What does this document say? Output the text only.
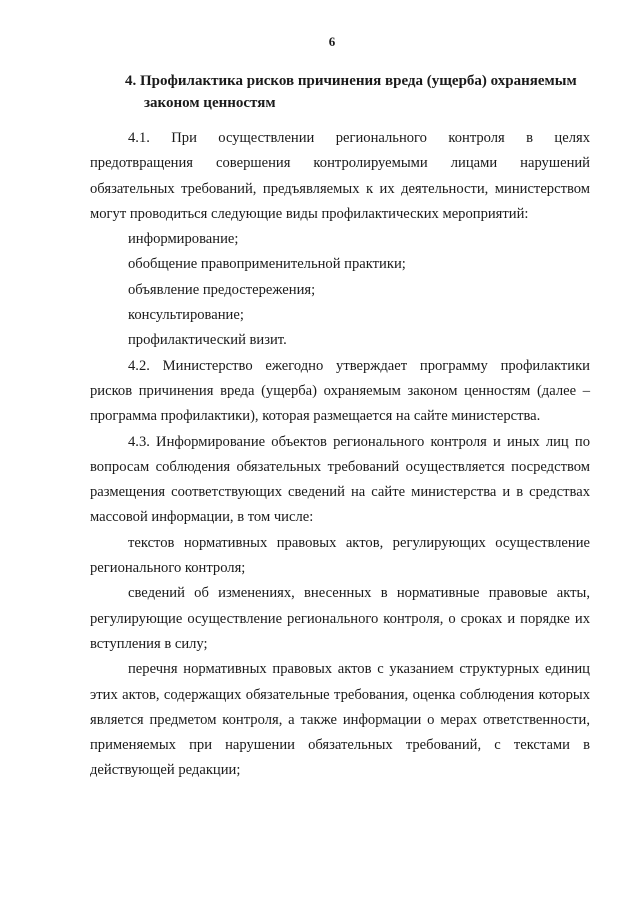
6
4. Профилактика рисков причинения вреда (ущерба) охраняемым
законом ценностям

4.1.  При  осуществлении  регионального  контроля  в  целях предотвращения совершения контролируемыми лицами нарушений обязательных требований, предъявляемых к их деятельности, министерством могут проводиться следующие виды профилактических мероприятий:

информирование;

обобщение правоприменительной практики;

объявление предостережения;

консультирование;

профилактический визит.

4.2. Министерство ежегодно утверждает программу профилактики рисков причинения вреда (ущерба) охраняемым законом ценностям (далее – программа профилактики), которая размещается на сайте министерства.

4.3. Информирование объектов регионального контроля и иных лиц по вопросам соблюдения обязательных требований осуществляется посредством размещения соответствующих сведений на сайте министерства и в средствах массовой информации, в том числе:

текстов нормативных правовых актов, регулирующих осуществление регионального контроля;

сведений об изменениях, внесенных в нормативные правовые акты, регулирующие осуществление регионального контроля, о сроках и порядке их вступления в силу;

перечня нормативных правовых актов с указанием структурных единиц этих актов, содержащих обязательные требования, оценка соблюдения которых является предметом контроля, а также информации о мерах ответственности, применяемых при нарушении обязательных требований, с текстами в действующей редакции;
